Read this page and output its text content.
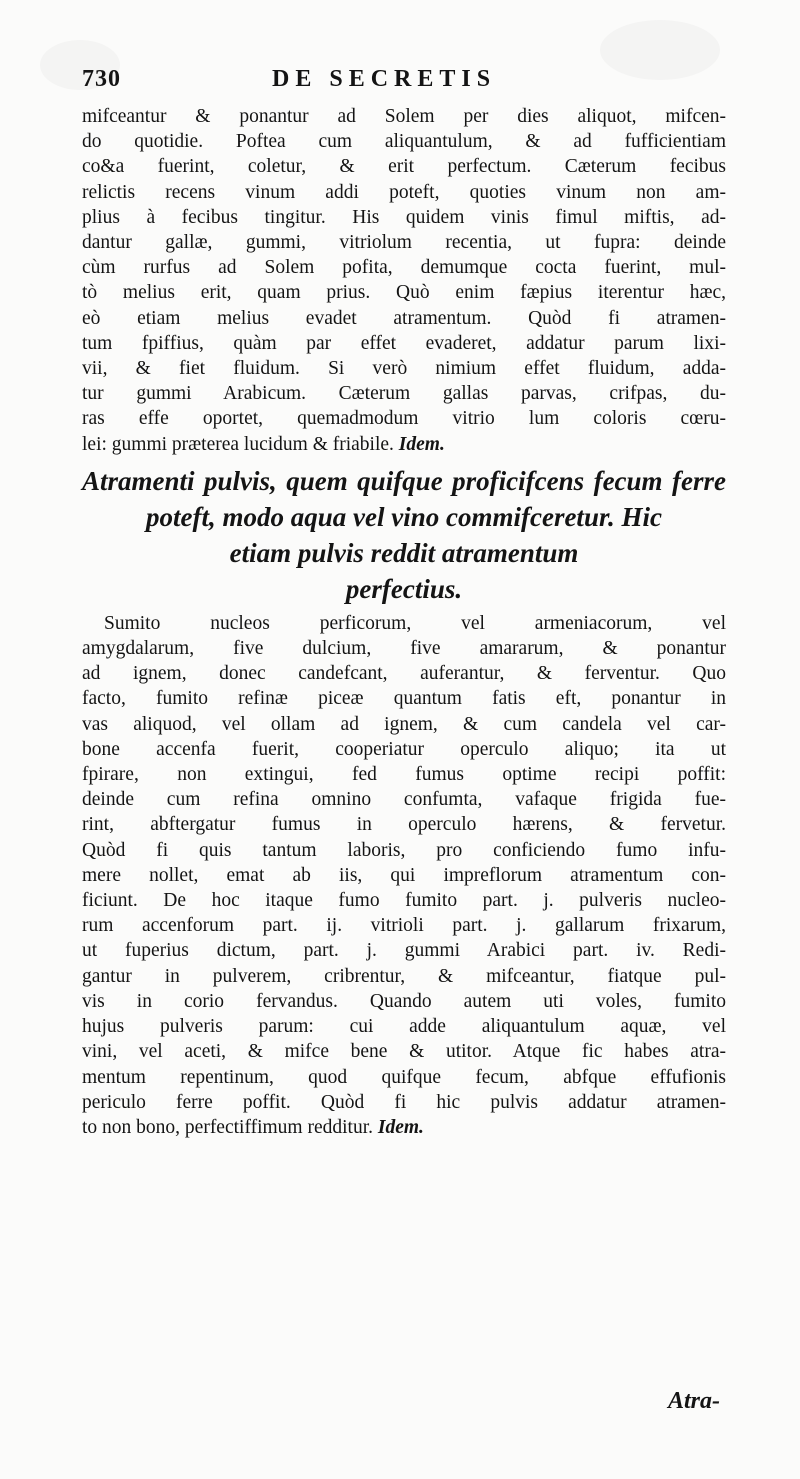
730	DE SECRETIS

mifceantur & ponantur ad Solem per dies aliquot, mifcen-
do quotidie. Poftea cum aliquantulum, & ad fufficientiam
co&a fuerint, coletur, & erit perfectum. Cæterum fecibus
relictis recens vinum addi poteft, quoties vinum non am-
plius à fecibus tingitur. His quidem vinis fimul miftis, ad-
dantur gallæ, gummi, vitriolum recentia, ut fupra: deinde
cùm rurfus ad Solem pofita, demumque cocta fuerint, mul-
tò melius erit, quam prius. Quò enim fæpius iterentur hæc,
eò etiam melius evadet atramentum. Quòd fi atramen-
tum fpiffius, quàm par effet evaderet, addatur parum lixi-
vii, & fiet fluidum. Si verò nimium effet fluidum, adda-
tur gummi Arabicum. Cæterum gallas parvas, crifpas, du-
ras effe oportet, quemadmodum vitrio lum coloris cœru-
lei: gummi præterea lucidum & friabile. Idem.

Atramenti pulvis, quem quifque proficifcens fecum ferre
poteft, modo aqua vel vino commifceretur. Hic
etiam pulvis reddit atramentum
perfectius.

Sumito nucleos perficorum, vel armeniacorum, vel
amygdalarum, five dulcium, five amararum, & ponantur
ad ignem, donec candefcant, auferantur, & ferventur. Quo
facto, fumito refinæ piceæ quantum fatis eft, ponantur in
vas aliquod, vel ollam ad ignem, & cum candela vel car-
bone accenfa fuerit, cooperiatur operculo aliquo; ita ut
fpirare, non extingui, fed fumus optime recipi poffit:
deinde cum refina omnino confumta, vafaque frigida fue-
rint, abftergatur fumus in operculo hærens, & fervetur.
Quòd fi quis tantum laboris, pro conficiendo fumo infu-
mere nollet, emat ab iis, qui impreflorum atramentum con-
ficiunt. De hoc itaque fumo fumito part. j. pulveris nucleo-
rum accenforum part. ij. vitrioli part. j. gallarum frixarum,
ut fuperius dictum, part. j. gummi Arabici part. iv. Redi-
gantur in pulverem, cribrentur, & mifceantur, fiatque pul-
vis in corio fervandus. Quando autem uti voles, fumito
hujus pulveris parum: cui adde aliquantulum aquæ, vel
vini, vel aceti, & mifce bene & utitor. Atque fic habes atra-
mentum repentinum, quod quifque fecum, abfque effufionis
periculo ferre poffit. Quòd fi hic pulvis addatur atramen-
to non bono, perfectiffimum redditur. Idem.

Atra-
